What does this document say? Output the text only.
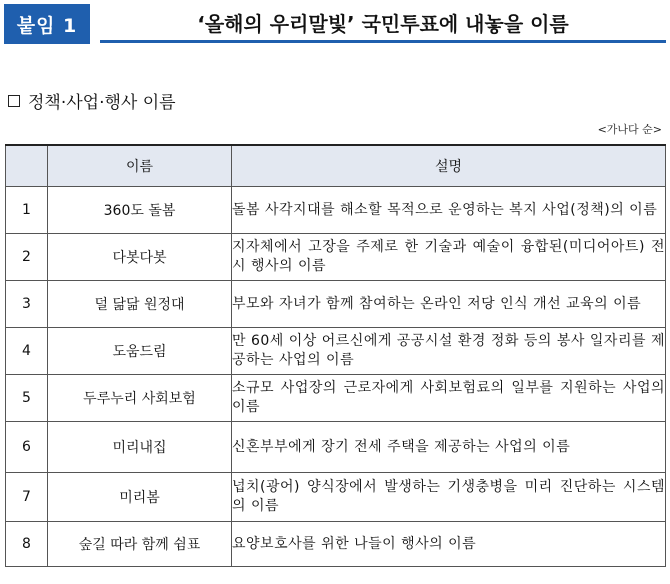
붙임 1	‘올해의 우리말빛’ 국민투표에 내놓을 이름
정책·사업·행사 이름
<가나다 순>
	이름	설명
1	360도 돌봄	돌봄 사각지대를 해소할 목적으로 운영하는 복지 사업(정책)의 이름
2	다봇다봇	지자체에서 고장을 주제로 한 기술과 예술이 융합된(미디어아트) 전시 행사의 이름
3	덜 닮닮 원정대	부모와 자녀가 함께 참여하는 온라인 저당 인식 개선 교육의 이름
4	도움드림	만 60세 이상 어르신에게 공공시설 환경 정화 등의 봉사 일자리를 제공하는 사업의 이름
5	두루누리 사회보험	소규모 사업장의 근로자에게 사회보험료의 일부를 지원하는 사업의 이름
6	미리내집	신혼부부에게 장기 전세 주택을 제공하는 사업의 이름
7	미리봄	넙치(광어) 양식장에서 발생하는 기생충병을 미리 진단하는 시스템의 이름
8	숲길 따라 함께 쉼표	요양보호사를 위한 나들이 행사의 이름
